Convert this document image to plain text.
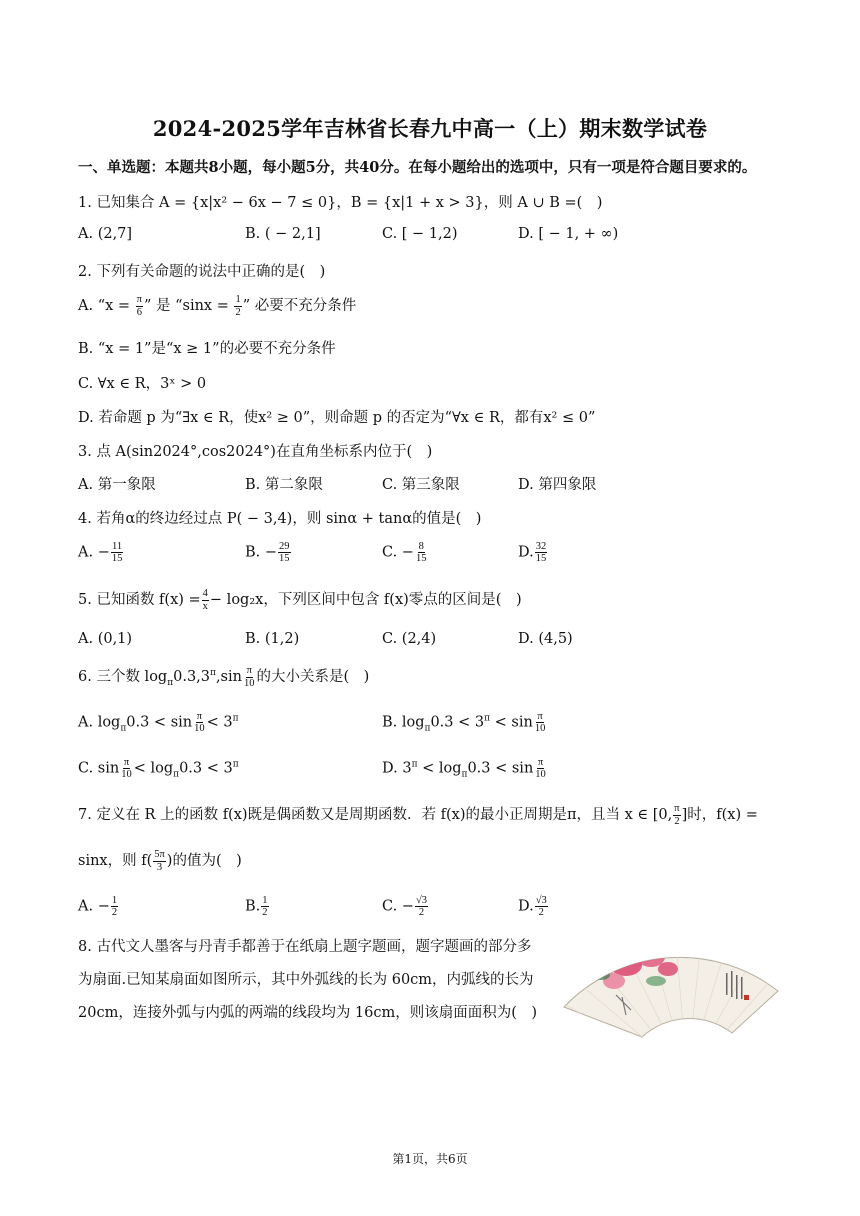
2024-2025学年吉林省长春九中高一（上）期末数学试卷
一、单选题：本题共8小题，每小题5分，共40分。在每小题给出的选项中，只有一项是符合题目要求的。
1. 已知集合 A = {x|x² − 6x − 7 ≤ 0}，B = {x|1 + x > 3}，则 A ∪ B =(　)
A. (2,7]	B. ( − 2,1]	C. [ − 1,2)	D. [ − 1, + ∞)
2. 下列有关命题的说法中正确的是(　)
A. “$x = \frac{\pi}{6}$ ” 是 “$\sin x = \frac{1}{2}$ ” 必要不充分条件
B. “x = 1”是“x ≥ 1”的必要不充分条件
C. ∀x ∈ R，3ˣ > 0
D. 若命题 p 为“∃x ∈ R，使x² ≥ 0”，则命题 p 的否定为“∀x ∈ R，都有x² ≤ 0”
3. 点 A(sin2024°,cos2024°)在直角坐标系内位于(　)
A. 第一象限	B. 第二象限	C. 第三象限	D. 第四象限
4. 若角α的终边经过点 P( − 3,4)，则 sinα + tanα的值是(　)
A. − $\frac{11}{15}$	B. − $\frac{29}{15}$	C. − $\frac{8}{15}$	D. $\frac{32}{15}$
5. 已知函数 $f(x) = \frac{4}{x} - \log_2x$，下列区间中包含 f(x)零点的区间是(　)
A. (0,1)	B. (1,2)	C. (2,4)	D. (4,5)
6. 三个数 $\log_\pi 0.3,3^\pi,\sin \frac{\pi}{10}$ 的大小关系是(　)
A. $\log_\pi 0.3 < \sin \frac{\pi}{10} < 3^\pi$	B. $\log_\pi 0.3 < 3^\pi < \sin \frac{\pi}{10}$
C. $\sin \frac{\pi}{10} < \log_\pi 0.3 < 3^\pi$	D. $3^\pi < \log_\pi 0.3 < \sin \frac{\pi}{10}$
7. 定义在 R 上的函数 f(x)既是偶函数又是周期函数．若 f(x)的最小正周期是π，且当 x ∈ [0, $\frac{\pi}{2}$ ]时，f(x) =
sinx，则 $f( \frac{5\pi}{3}$ )的值为(　)
A. − $\frac{1}{2}$	B. $\frac{1}{2}$	C. − $\frac{√3}{2}$	D. $\frac{√3}{2}$
8. 古代文人墨客与丹青手都善于在纸扇上题字题画，题字题画的部分多
为扇面.已知某扇面如图所示，其中外弧线的长为 60cm，内弧线的长为
20cm，连接外弧与内弧的两端的线段均为 16cm，则该扇面面积为(　)
第1页，共6页
